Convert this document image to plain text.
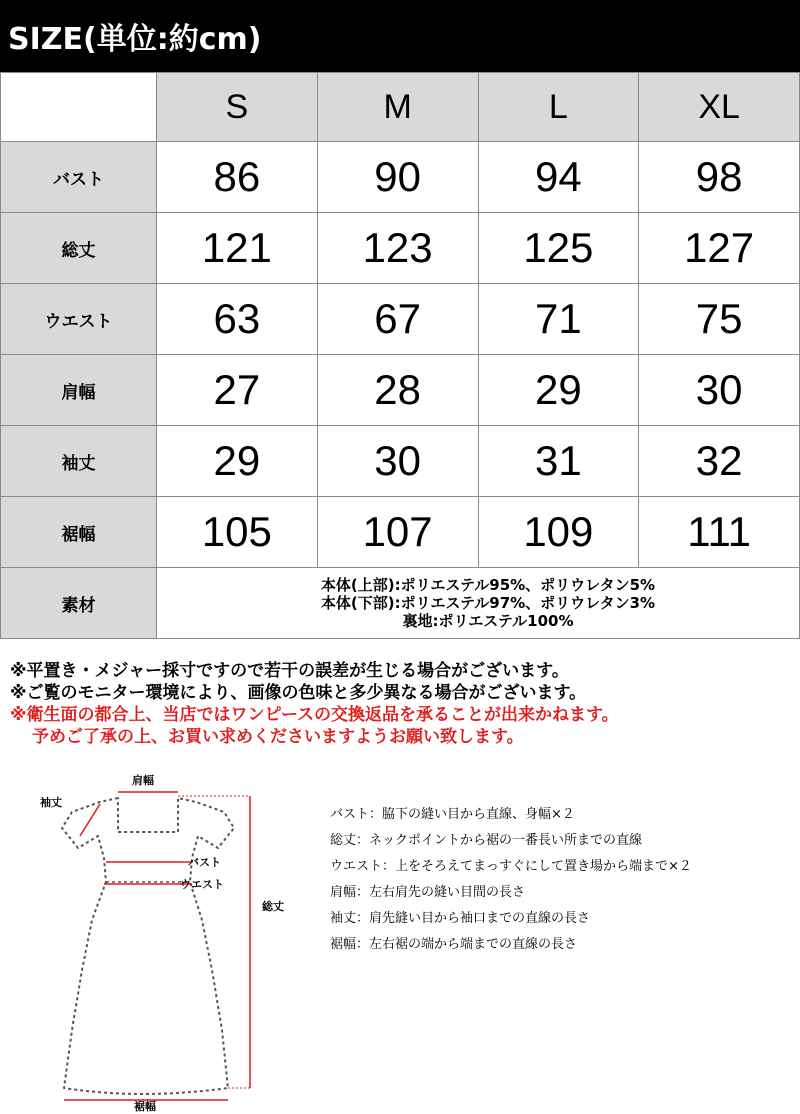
SIZE(単位:約cm)
	S	M	L	XL
バスト	86	90	94	98
総丈	121	123	125	127
ウエスト	63	67	71	75
肩幅	27	28	29	30
袖丈	29	30	31	32
裾幅	105	107	109	111
素材	本体(上部):ポリエステル95%、ポリウレタン5%
本体(下部):ポリエステル97%、ポリウレタン3%
裏地:ポリエステル100%			
※平置き・メジャー採寸ですので若干の誤差が生じる場合がございます。
※ご覧のモニター環境により、画像の色味と多少異なる場合がございます。
※衛生面の都合上、当店ではワンピースの交換返品を承ることが出来かねます。
予めご了承の上、お買い求めくださいますようお願い致します。
肩幅
袖丈
バスト
ウエスト
総丈
裾幅
バスト：脇下の縫い目から直線、身幅×２
総丈：ネックポイントから裾の一番長い所までの直線
ウエスト：上をそろえてまっすぐにして置き場から端まで×２
肩幅：左右肩先の縫い目間の長さ
袖丈：肩先縫い目から袖口までの直線の長さ
裾幅：左右裾の端から端までの直線の長さ
